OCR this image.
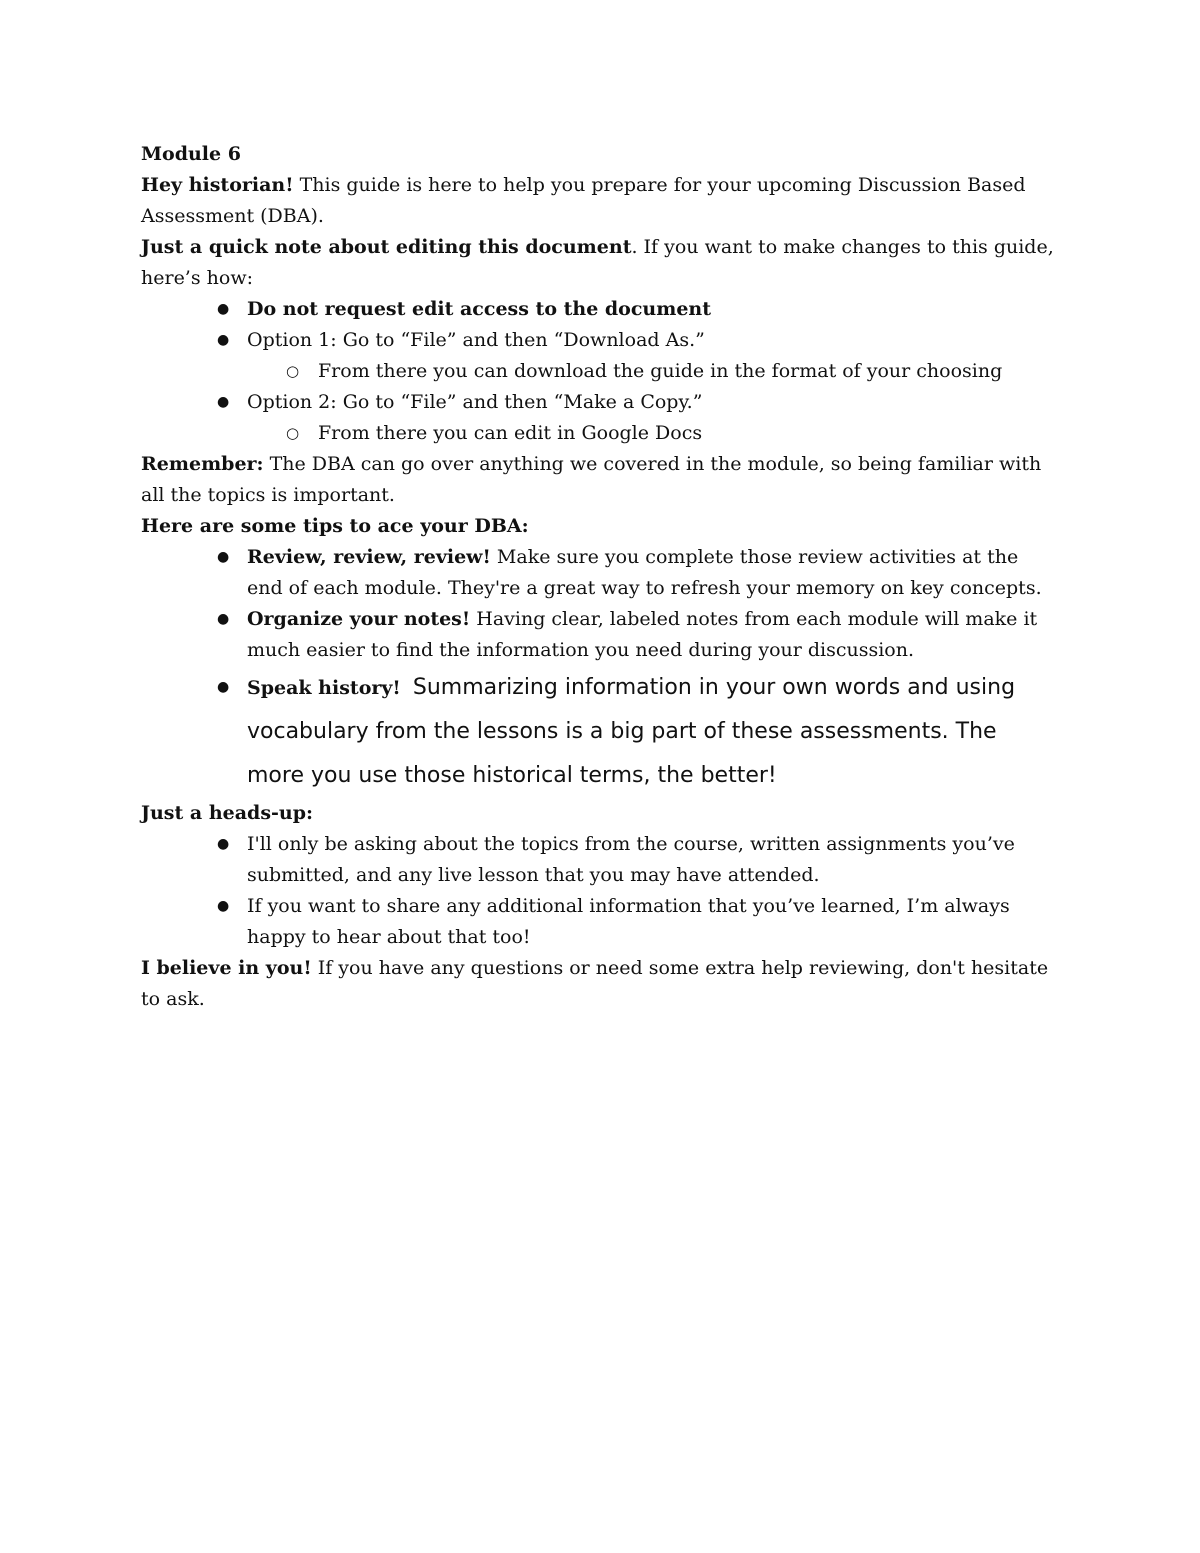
Module 6

Hey historian! This guide is here to help you prepare for your upcoming Discussion Based Assessment (DBA).

Just a quick note about editing this document. If you want to make changes to this guide, here’s how:

● Do not request edit access to the document
● Option 1: Go to “File” and then “Download As.”
○ From there you can download the guide in the format of your choosing
● Option 2: Go to “File” and then “Make a Copy.”
○ From there you can edit in Google Docs

Remember: The DBA can go over anything we covered in the module, so being familiar with all the topics is important.

Here are some tips to ace your DBA:

● Review, review, review! Make sure you complete those review activities at the end of each module. They're a great way to refresh your memory on key concepts.
● Organize your notes! Having clear, labeled notes from each module will make it much easier to find the information you need during your discussion.
● Speak history! Summarizing information in your own words and using vocabulary from the lessons is a big part of these assessments. The more you use those historical terms, the better!

Just a heads-up:

● I'll only be asking about the topics from the course, written assignments you’ve submitted, and any live lesson that you may have attended.
● If you want to share any additional information that you’ve learned, I’m always happy to hear about that too!

I believe in you! If you have any questions or need some extra help reviewing, don't hesitate to ask.
